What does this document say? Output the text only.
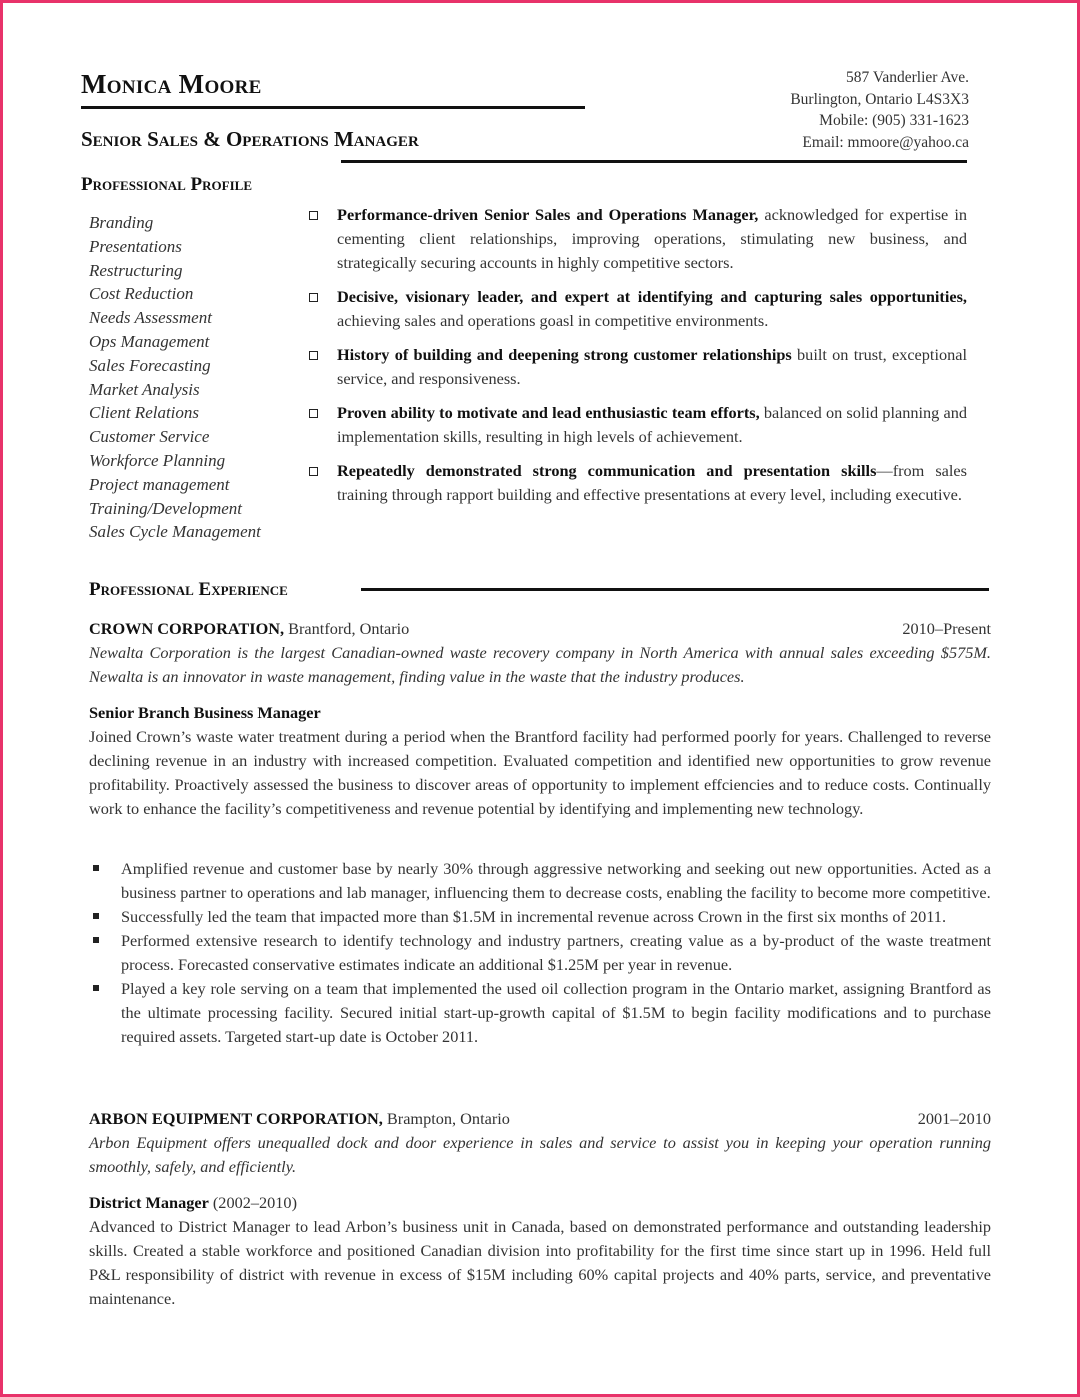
Monica Moore
Senior Sales & Operations Manager
587 Vanderlier Ave.
Burlington, Ontario L4S3X3
Mobile: (905) 331-1623
Email: mmoore@yahoo.ca
Professional Profile
Branding
Presentations
Restructuring
Cost Reduction
Needs Assessment
Ops Management
Sales Forecasting
Market Analysis
Client Relations
Customer Service
Workforce Planning
Project management
Training/Development
Sales Cycle Management
Performance-driven Senior Sales and Operations Manager, acknowledged for expertise in cementing client relationships, improving operations, stimulating new business, and strategically securing accounts in highly competitive sectors.
Decisive, visionary leader, and expert at identifying and capturing sales opportunities, achieving sales and operations goasl in competitive environments.
History of building and deepening strong customer relationships built on trust, exceptional service, and responsiveness.
Proven ability to motivate and lead enthusiastic team efforts, balanced on solid planning and implementation skills, resulting in high levels of achievement.
Repeatedly demonstrated strong communication and presentation skills—from sales training through rapport building and effective presentations at every level, including executive.
Professional Experience
CROWN CORPORATION, Brantford, Ontario	2010–Present
Newalta Corporation is the largest Canadian-owned waste recovery company in North America with annual sales exceeding $575M. Newalta is an innovator in waste management, finding value in the waste that the industry produces.
Senior Branch Business Manager
Joined Crown’s waste water treatment during a period when the Brantford facility had performed poorly for years. Challenged to reverse declining revenue in an industry with increased competition. Evaluated competition and identified new opportunities to grow revenue profitability. Proactively assessed the business to discover areas of opportunity to implement effciencies and to reduce costs. Continually work to enhance the facility’s competitiveness and revenue potential by identifying and implementing new technology.
Amplified revenue and customer base by nearly 30% through aggressive networking and seeking out new opportunities. Acted as a business partner to operations and lab manager, influencing them to decrease costs, enabling the facility to become more competitive.
Successfully led the team that impacted more than $1.5M in incremental revenue across Crown in the first six months of 2011.
Performed extensive research to identify technology and industry partners, creating value as a by-product of the waste treatment process. Forecasted conservative estimates indicate an additional $1.25M per year in revenue.
Played a key role serving on a team that implemented the used oil collection program in the Ontario market, assigning Brantford as the ultimate processing facility. Secured initial start-up-growth capital of $1.5M to begin facility modifications and to purchase required assets. Targeted start-up date is October 2011.
ARBON EQUIPMENT CORPORATION, Brampton, Ontario	2001–2010
Arbon Equipment offers unequalled dock and door experience in sales and service to assist you in keeping your operation running smoothly, safely, and efficiently.
District Manager (2002–2010)
Advanced to District Manager to lead Arbon’s business unit in Canada, based on demonstrated performance and outstanding leadership skills. Created a stable workforce and positioned Canadian division into profitability for the first time since start up in 1996. Held full P&L responsibility of district with revenue in excess of $15M including 60% capital projects and 40% parts, service, and preventative maintenance.
